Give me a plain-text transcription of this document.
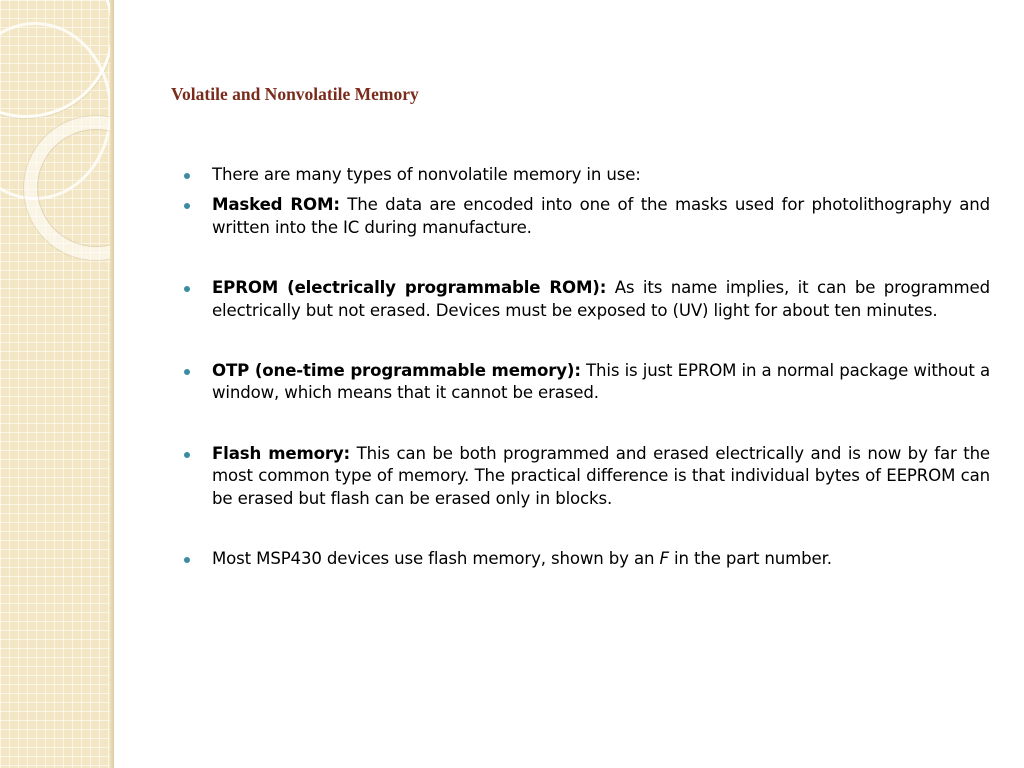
Volatile and Nonvolatile Memory

There are many types of nonvolatile memory in use:

Masked ROM: The data are encoded into one of the masks used for photolithography and written into the IC during manufacture.

EPROM (electrically programmable ROM): As its name implies, it can be programmed electrically but not erased. Devices must be exposed to (UV) light for about ten minutes.

OTP (one-time programmable memory): This is just EPROM in a normal package without a window, which means that it cannot be erased.

Flash memory: This can be both programmed and erased electrically and is now by far the most common type of memory. The practical difference is that individual bytes of EEPROM can be erased but flash can be erased only in blocks.

Most MSP430 devices use flash memory, shown by an F in the part number.
